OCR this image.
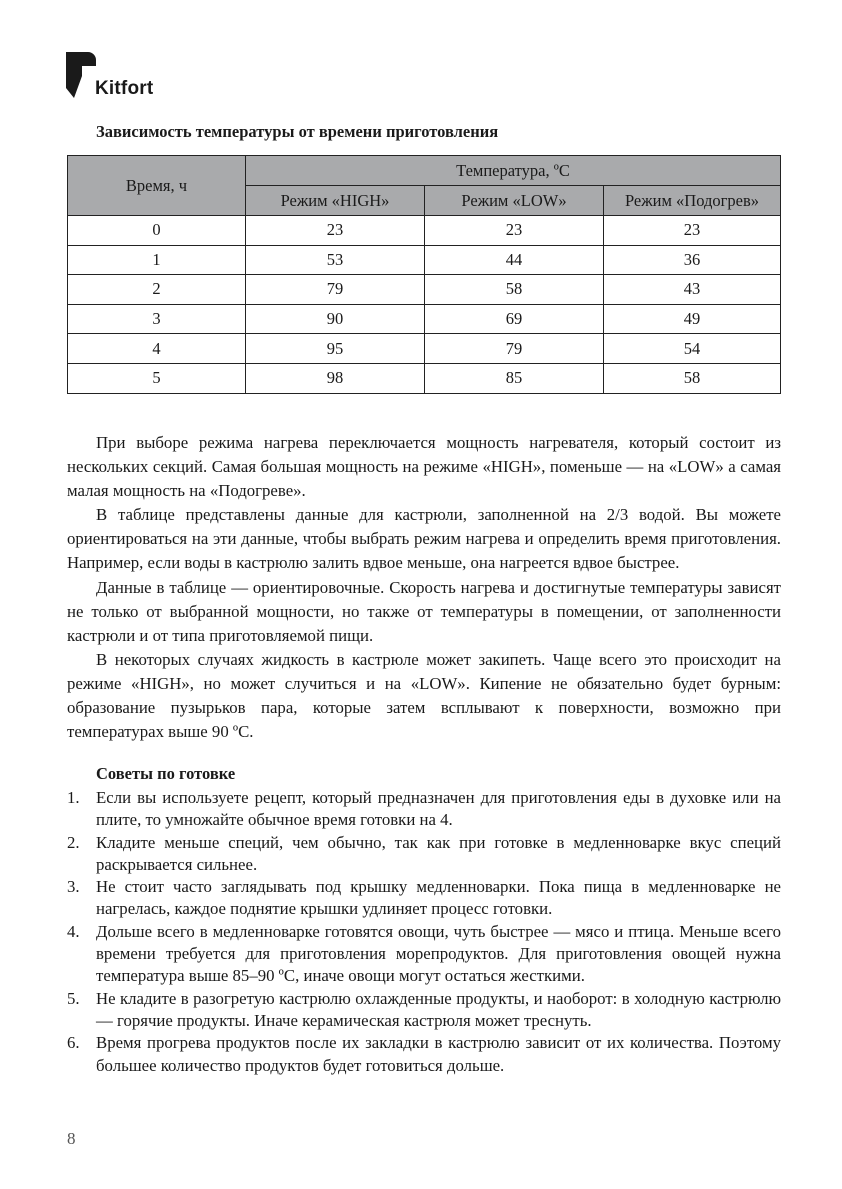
Kitfort
Зависимость температуры от времени приготовления
Время, ч	Температура, ºС		
	Режим «HIGH»	Режим «LOW»	Режим «Подогрев»
0	23	23	23
1	53	44	36
2	79	58	43
3	90	69	49
4	95	79	54
5	98	85	58

При выборе режима нагрева переключается мощность нагревателя, который состоит из нескольких секций. Самая большая мощность на режиме «HIGH», поменьше — на «LOW» а самая малая мощность на «Подогреве».

В таблице представлены данные для кастрюли, заполненной на 2/3 водой. Вы можете ориентироваться на эти данные, чтобы выбрать режим нагрева и определить время приготовления. Например, если воды в кастрюлю залить вдвое меньше, она нагреется вдвое быстрее.

Данные в таблице — ориентировочные. Скорость нагрева и достигнутые температуры зависят не только от выбранной мощности, но также от температуры в помещении, от заполненности кастрюли и от типа приготовляемой пищи.

В некоторых случаях жидкость в кастрюле может закипеть. Чаще всего это происходит на режиме «HIGH», но может случиться и на «LOW». Кипение не обязательно будет бурным: образование пузырьков пара, которые затем всплывают к поверхности, возможно при температурах выше 90 ºС.

Советы по готовке
1. Если вы используете рецепт, который предназначен для приготовления еды в духовке или на плите, то умножайте обычное время готовки на 4.
2. Кладите меньше специй, чем обычно, так как при готовке в медленноварке вкус специй раскрывается сильнее.
3. Не стоит часто заглядывать под крышку медленноварки. Пока пища в медленноварке не нагрелась, каждое поднятие крышки удлиняет процесс готовки.
4. Дольше всего в медленноварке готовятся овощи, чуть быстрее — мясо и птица. Меньше всего времени требуется для приготовления морепродуктов. Для приготовления овощей нужна температура выше 85–90 ºС, иначе овощи могут остаться жесткими.
5. Не кладите в разогретую кастрюлю охлажденные продукты, и наоборот: в холодную кастрюлю — горячие продукты. Иначе керамическая кастрюля может треснуть.
6. Время прогрева продуктов после их закладки в кастрюлю зависит от их количества. Поэтому большее количество продуктов будет готовиться дольше.
8
